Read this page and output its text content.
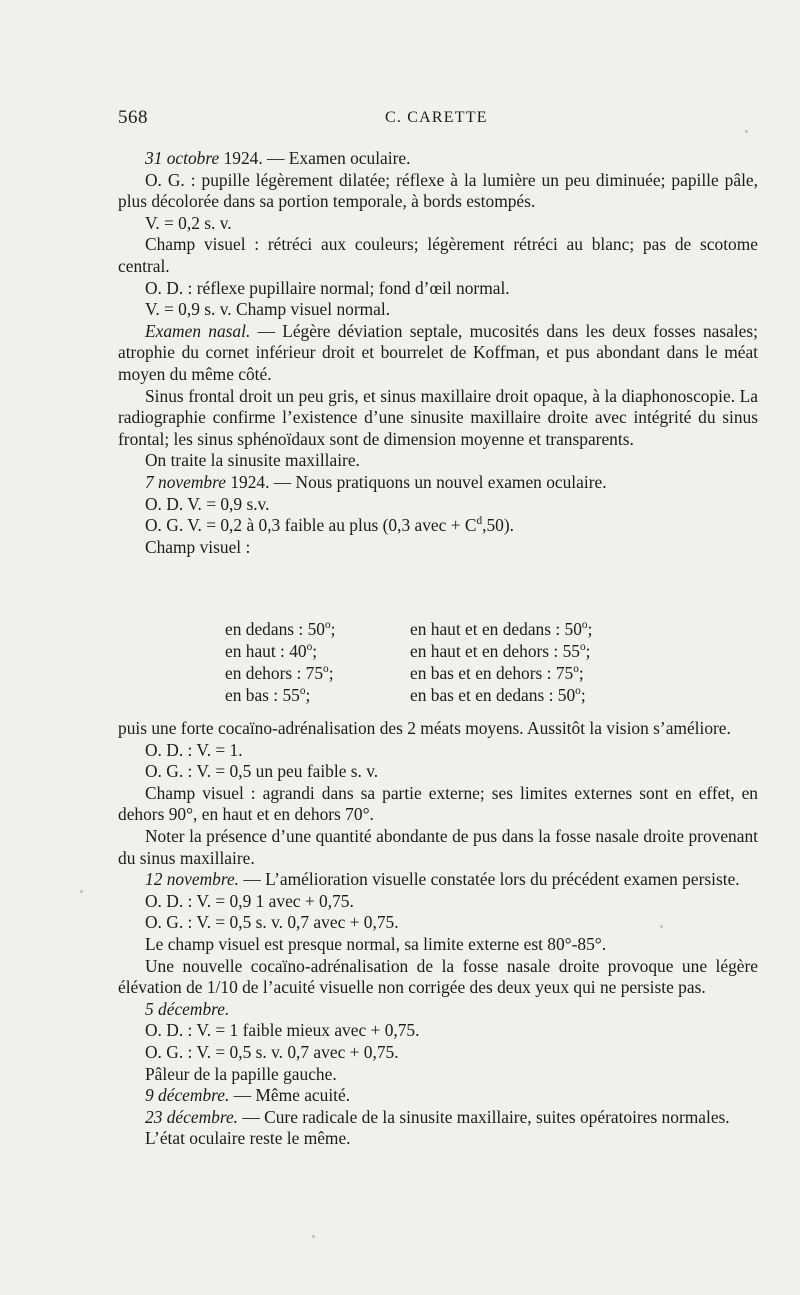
568	C. CARETTE

31 octobre 1924. — Examen oculaire.

O. G. : pupille légèrement dilatée; réflexe à la lumière un peu diminuée; papille pâle, plus décolorée dans sa portion temporale, à bords estompés.

V. = 0,2 s. v.

Champ visuel : rétréci aux couleurs; légèrement rétréci au blanc; pas de scotome central.

O. D. : réflexe pupillaire normal; fond d’œil normal.

V. = 0,9 s. v. Champ visuel normal.

Examen nasal. — Légère déviation septale, mucosités dans les deux fosses nasales; atrophie du cornet inférieur droit et bourrelet de Koffman, et pus abondant dans le méat moyen du même côté.

Sinus frontal droit un peu gris, et sinus maxillaire droit opaque, à la diaphonoscopie. La radiographie confirme l’existence d’une sinusite maxillaire droite avec intégrité du sinus frontal; les sinus sphénoïdaux sont de dimension moyenne et transparents.

On traite la sinusite maxillaire.

7 novembre 1924. — Nous pratiquons un nouvel examen oculaire.

O. D. V. = 0,9 s.v.

O. G. V. = 0,2 à 0,3 faible au plus (0,3 avec + $C^d,50$).

Champ visuel :

en dedans : 50$^o$;	en haut et en dedans : 50$^o$;
en haut : 40$^o$;	en haut et en dehors : 55$^o$;
en dehors : 75$^o$;	en bas et en dehors : 75$^o$;
en bas : 55$^o$;	en bas et en dedans : 50$^o$;

puis une forte cocaïno-adrénalisation des 2 méats moyens. Aussitôt la vision s’améliore.

O. D. : V. = 1.

O. G. : V. = 0,5 un peu faible s. v.

Champ visuel : agrandi dans sa partie externe; ses limites externes sont en effet, en dehors 90°, en haut et en dehors 70°.

Noter la présence d’une quantité abondante de pus dans la fosse nasale droite provenant du sinus maxillaire.

12 novembre. — L’amélioration visuelle constatée lors du précédent examen persiste.

O. D. : V. = 0,9 1 avec + 0,75.

O. G. : V. = 0,5 s. v. 0,7 avec + 0,75.

Le champ visuel est presque normal, sa limite externe est 80°-85°.

Une nouvelle cocaïno-adrénalisation de la fosse nasale droite provoque une légère élévation de 1/10 de l’acuité visuelle non corrigée des deux yeux qui ne persiste pas.

5 décembre.

O. D. : V. = 1 faible mieux avec + 0,75.

O. G. : V. = 0,5 s. v. 0,7 avec + 0,75.

Pâleur de la papille gauche.

9 décembre. — Même acuité.

23 décembre. — Cure radicale de la sinusite maxillaire, suites opératoires normales.

L’état oculaire reste le même.
